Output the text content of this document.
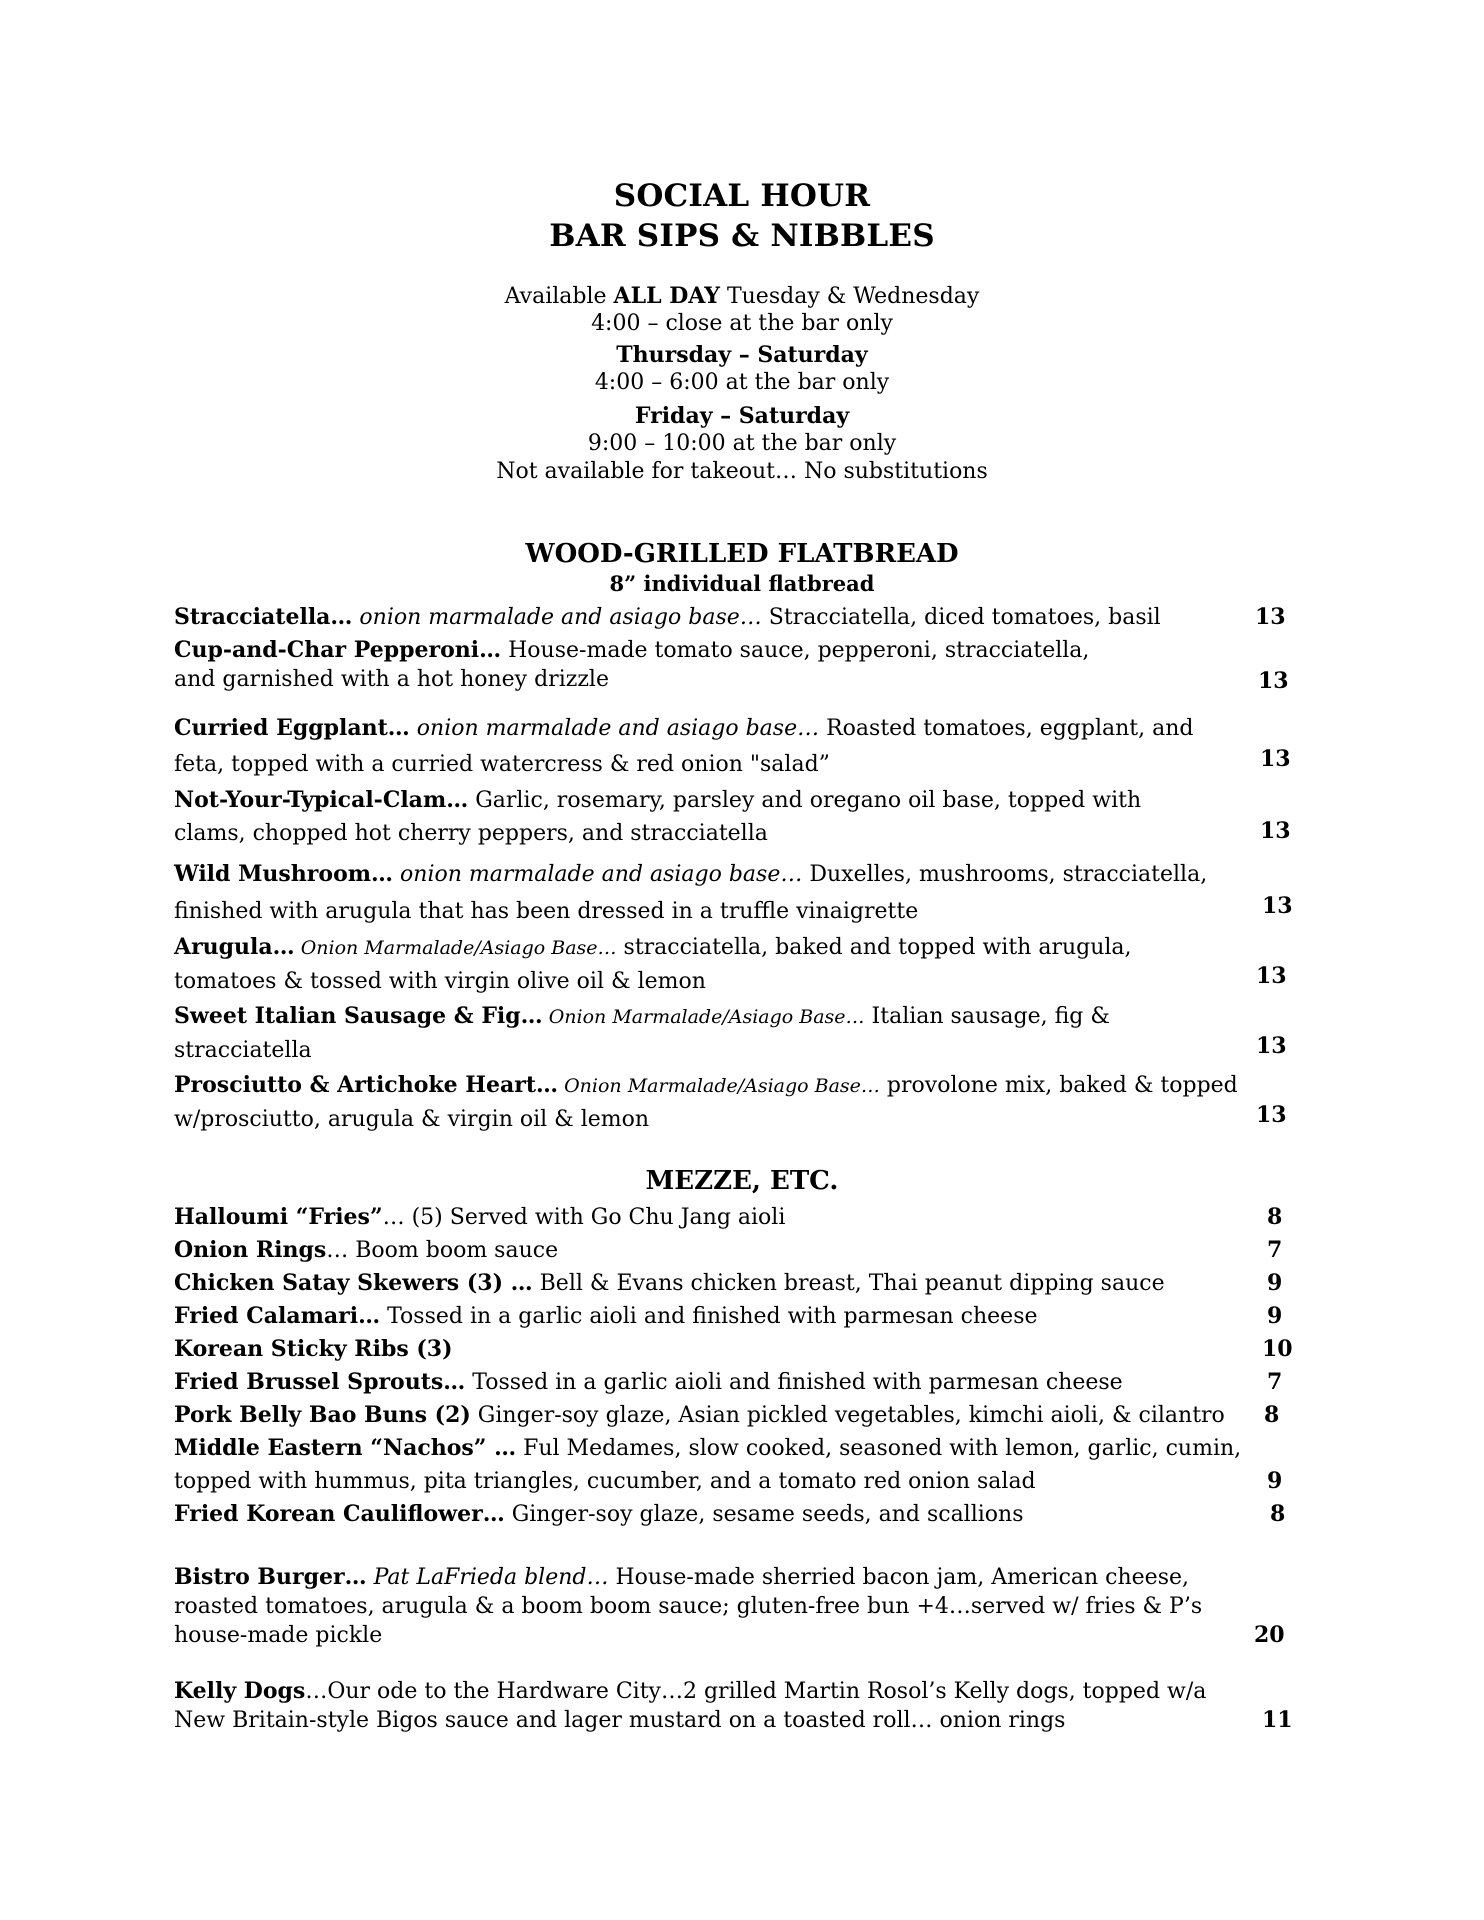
SOCIAL HOUR
BAR SIPS & NIBBLES
Available ALL DAY Tuesday & Wednesday
4:00 – close at the bar only
Thursday – Saturday
4:00 – 6:00 at the bar only
Friday – Saturday
9:00 – 10:00 at the bar only
Not available for takeout… No substitutions
WOOD-GRILLED FLATBREAD
8” individual flatbread
Stracciatella… onion marmalade and asiago base… Stracciatella, diced tomatoes, basil	13
Cup-and-Char Pepperoni… House-made tomato sauce, pepperoni, stracciatella, and garnished with a hot honey drizzle	13
Curried Eggplant… onion marmalade and asiago base… Roasted tomatoes, eggplant, and feta, topped with a curried watercress & red onion "salad”	13
Not-Your-Typical-Clam… Garlic, rosemary, parsley and oregano oil base, topped with clams, chopped hot cherry peppers, and stracciatella	13
Wild Mushroom… onion marmalade and asiago base… Duxelles, mushrooms, stracciatella, finished with arugula that has been dressed in a truffle vinaigrette	13
Arugula… Onion Marmalade/Asiago Base… stracciatella, baked and topped with arugula, tomatoes & tossed with virgin olive oil & lemon	13
Sweet Italian Sausage & Fig… Onion Marmalade/Asiago Base… Italian sausage, fig & stracciatella	13
Prosciutto & Artichoke Heart… Onion Marmalade/Asiago Base… provolone mix, baked & topped w/prosciutto, arugula & virgin oil & lemon	13
MEZZE, ETC.
Halloumi “Fries”… (5) Served with Go Chu Jang aioli	8
Onion Rings… Boom boom sauce	7
Chicken Satay Skewers (3) … Bell & Evans chicken breast, Thai peanut dipping sauce	9
Fried Calamari… Tossed in a garlic aioli and finished with parmesan cheese	9
Korean Sticky Ribs (3)	10
Fried Brussel Sprouts… Tossed in a garlic aioli and finished with parmesan cheese	7
Pork Belly Bao Buns (2) Ginger-soy glaze, Asian pickled vegetables, kimchi aioli, & cilantro	8
Middle Eastern “Nachos” … Ful Medames, slow cooked, seasoned with lemon, garlic, cumin, topped with hummus, pita triangles, cucumber, and a tomato red onion salad	9
Fried Korean Cauliflower… Ginger-soy glaze, sesame seeds, and scallions	8
Bistro Burger… Pat LaFrieda blend… House-made sherried bacon jam, American cheese, roasted tomatoes, arugula & a boom boom sauce; gluten-free bun +4…served w/ fries & P’s house-made pickle	20
Kelly Dogs…Our ode to the Hardware City…2 grilled Martin Rosol’s Kelly dogs, topped w/a New Britain-style Bigos sauce and lager mustard on a toasted roll… onion rings	11
